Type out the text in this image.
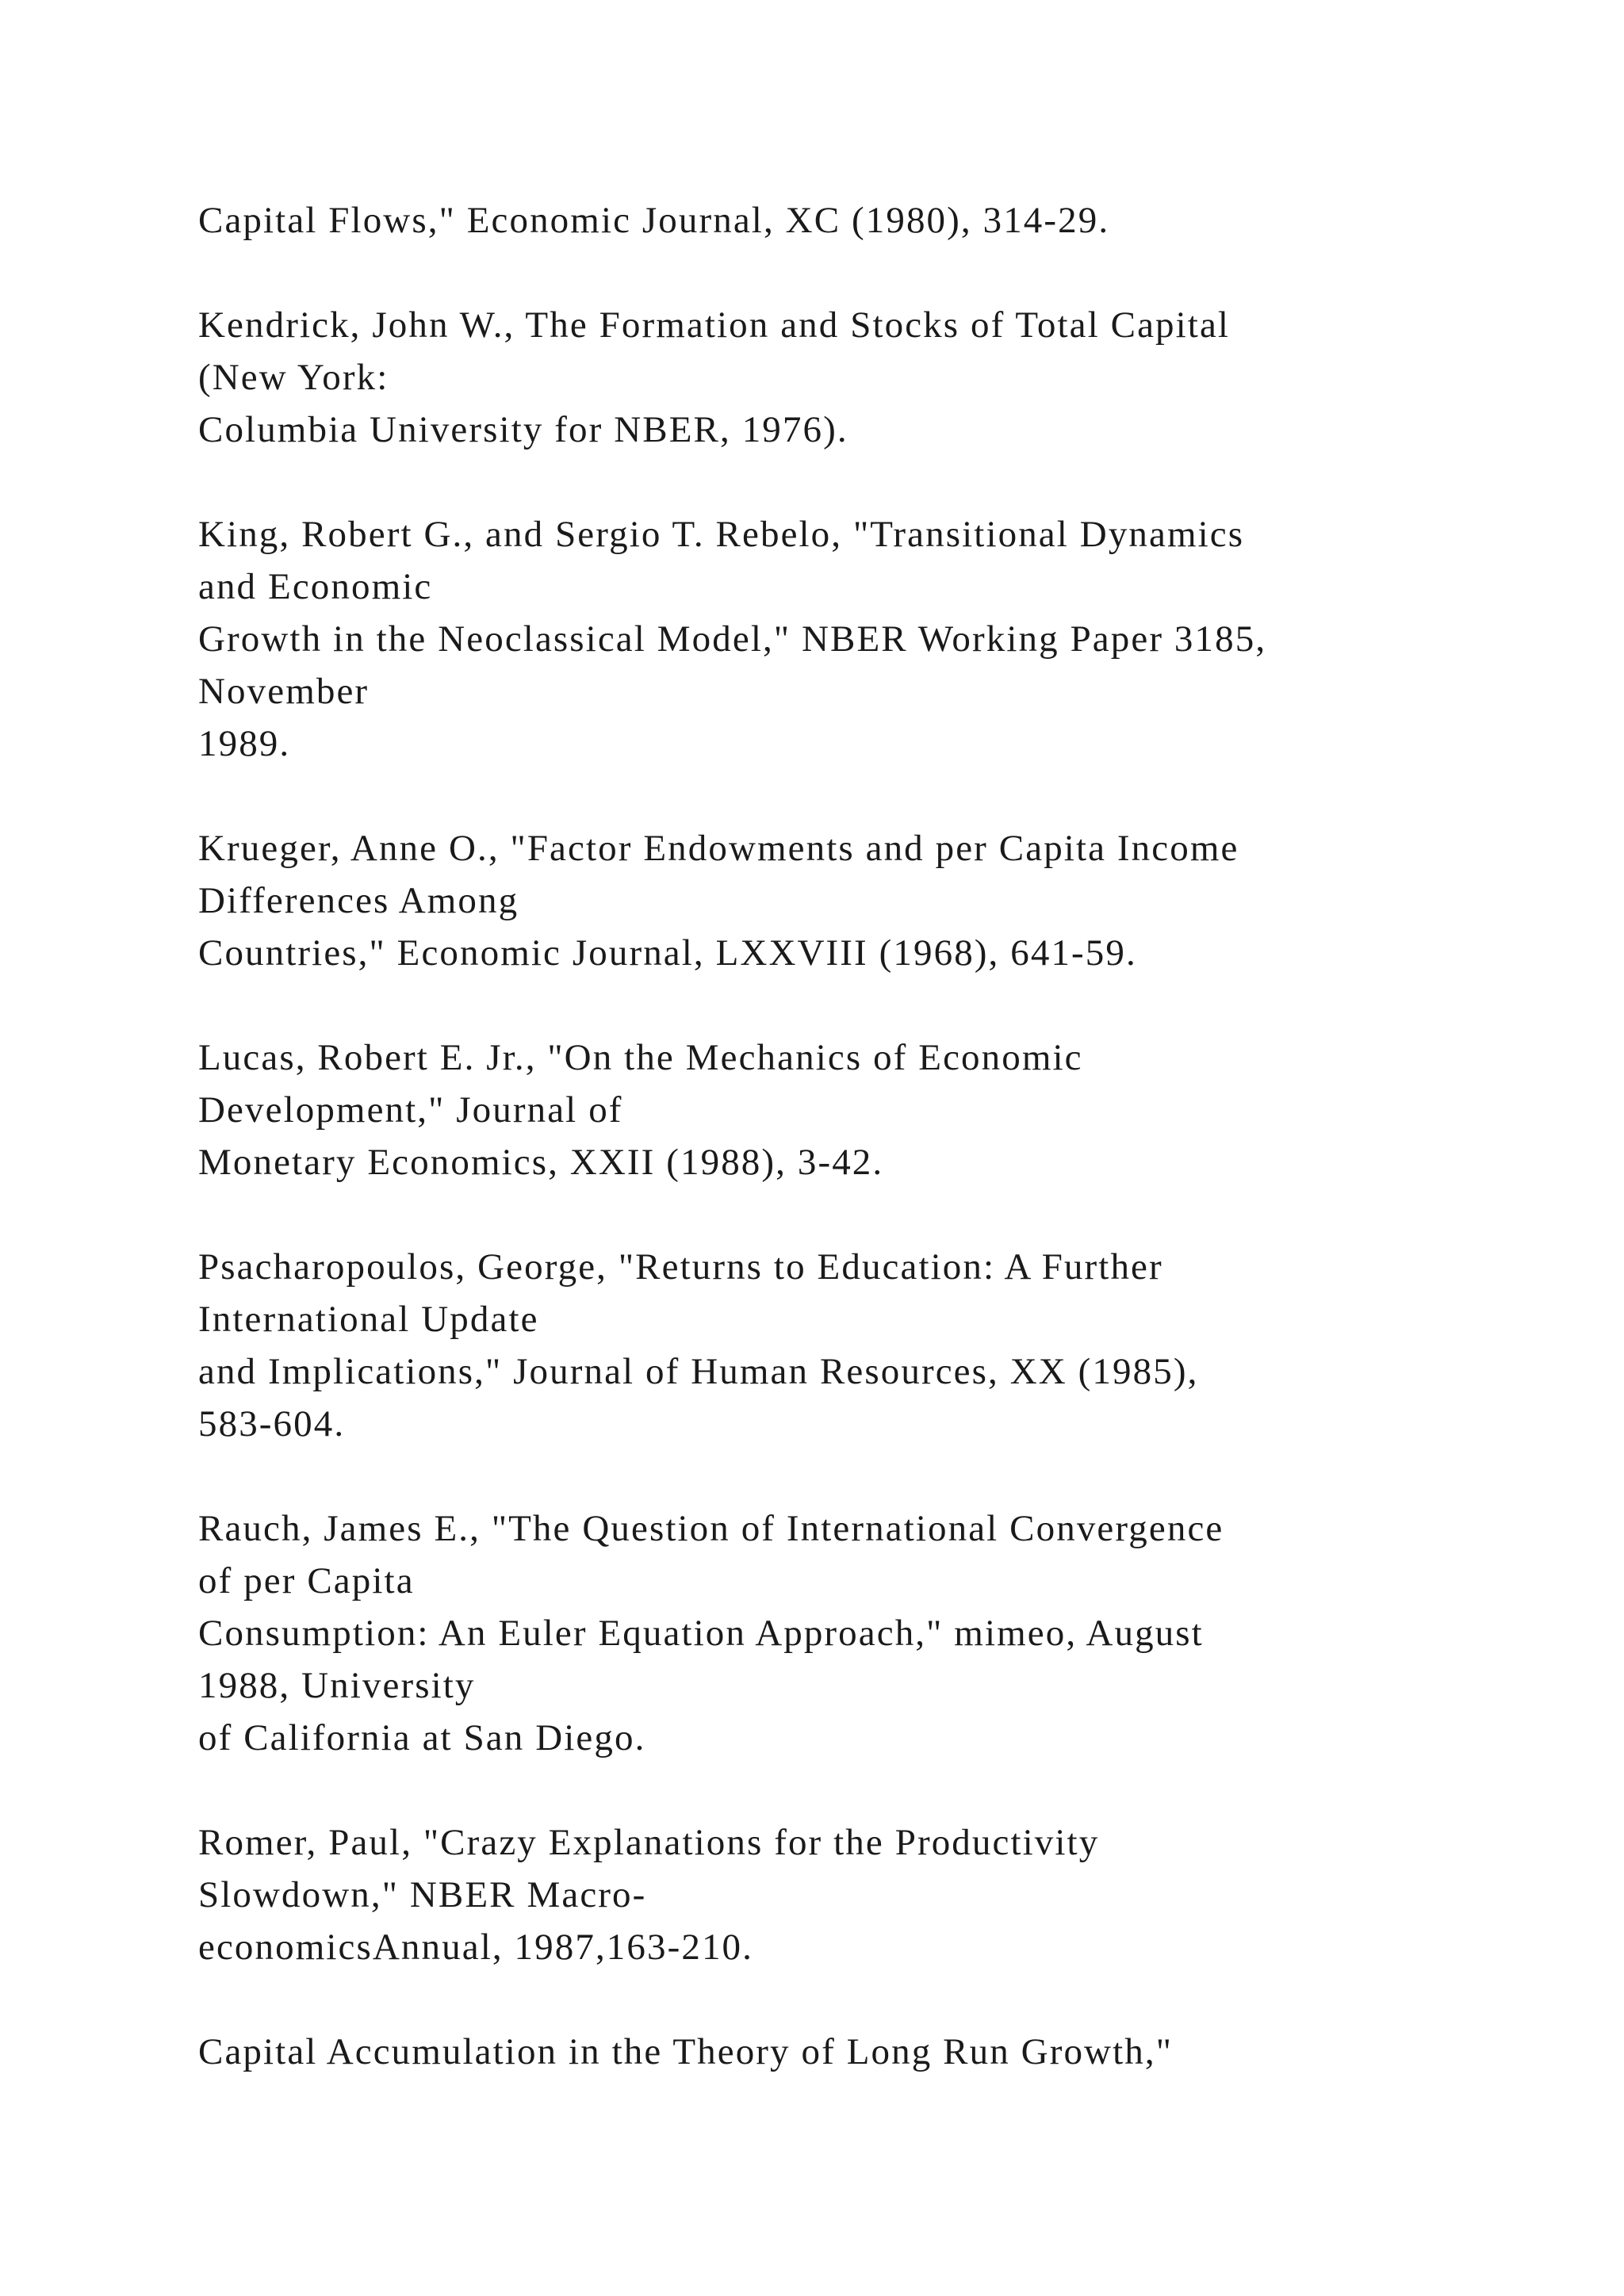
Capital Flows," Economic Journal, XC (1980), 314-29.
Kendrick, John W., The Formation and Stocks of Total Capital
(New York:
Columbia University for NBER, 1976).
King, Robert G., and Sergio T. Rebelo, "Transitional Dynamics
and Economic
Growth in the Neoclassical Model," NBER Working Paper 3185,
November
1989.
Krueger, Anne O., "Factor Endowments and per Capita Income
Differences Among
Countries," Economic Journal, LXXVIII (1968), 641-59.
Lucas, Robert E. Jr., "On the Mechanics of Economic
Development," Journal of
Monetary Economics, XXII (1988), 3-42.
Psacharopoulos, George, "Returns to Education: A Further
International Update
and Implications," Journal of Human Resources, XX (1985),
583-604.
Rauch, James E., "The Question of International Convergence
of per Capita
Consumption: An Euler Equation Approach," mimeo, August
1988, University
of California at San Diego.
Romer, Paul, "Crazy Explanations for the Productivity
Slowdown," NBER Macro-
economicsAnnual, 1987,163-210.
Capital Accumulation in the Theory of Long Run Growth,"
